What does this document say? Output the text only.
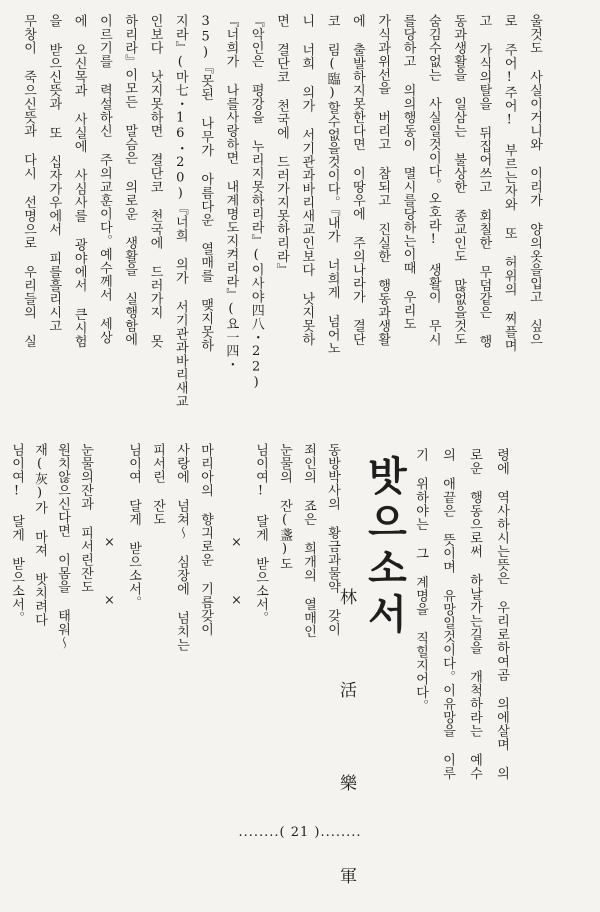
울것도 사실이거니와 이리가 양의옷을입고 싶으
로 주어!주어! 부르는자와 또 허위의 찌플며
고 가식의탈을 뒤집어쓰고 회칠한 무덤같은 행
동과생활을 일삼는 불상한 종교인도 많없을것도
숨김수없는 사실일것이다。오호라! 생활이 무시
를당하고 의의행동이 멸시를당하는이때 우리도
가식과위선을 버리고 참되고 진실한 행동과생활
에 출발하지못한다면 이땅우에 주의나라가 결단
코 림(臨)할수없을것이다。『내가 너희게 넘어노
니 너희 의가 서기관과바리새교인보다 낫지못하
면 결단코 천국에 드러가지못하리라』
『악인은 평강을 누리지못하리라』(이사야四八・22)
『너희가 나를사랑하면 내계명도지켜리라』(요一四・
35)『못된 나무가 아름다운 열매를 맺지못하
지라』(마七・16・20)『너희 의가 서기관과바리새교
인보다 낫지못하면 결단코 천국에 드러가지 못
하리라』이모든 말슴은 의로운 생활을 실행함에
이르기를 력설하신 주의교훈이다。예수께서 세상
에 오신목과 사실에 사심사를 광야에서 큰시험
을 받으신뜻과 또 십자가우에서 피를흘리시고
무창이 죽으신뜻과 다시 선명으로 우리들의 실
령에 역사하시는뜻은 우리로하여곰 의에살며 의
로운 행동으로써 하날가는길을 개척하라는 예수
의 애끝은 뜻이며 유망일것이다。이유망을 이루
기 위하야는 그 계명을 직힐지어다。
밧으소서
林 活 樂 軍
동방박사의 황금과물약 갖이
죄인의 죠은 희개의 열매인
눈물의 잔(盞)도
님이여! 달게 받으소서。
× ×
마리아의 향긔로운 기름갖이
사랑에 넘쳐～ 심장에 넘치는
피서린 잔도
님이여 달게 받으소서。
× ×
눈물의잔과 피서린잔도
원치않으신다면 이몸을 태워～
재(灰)가 마져 밧치려다
님이여! 달게 받으소서。
........( 21 )........
